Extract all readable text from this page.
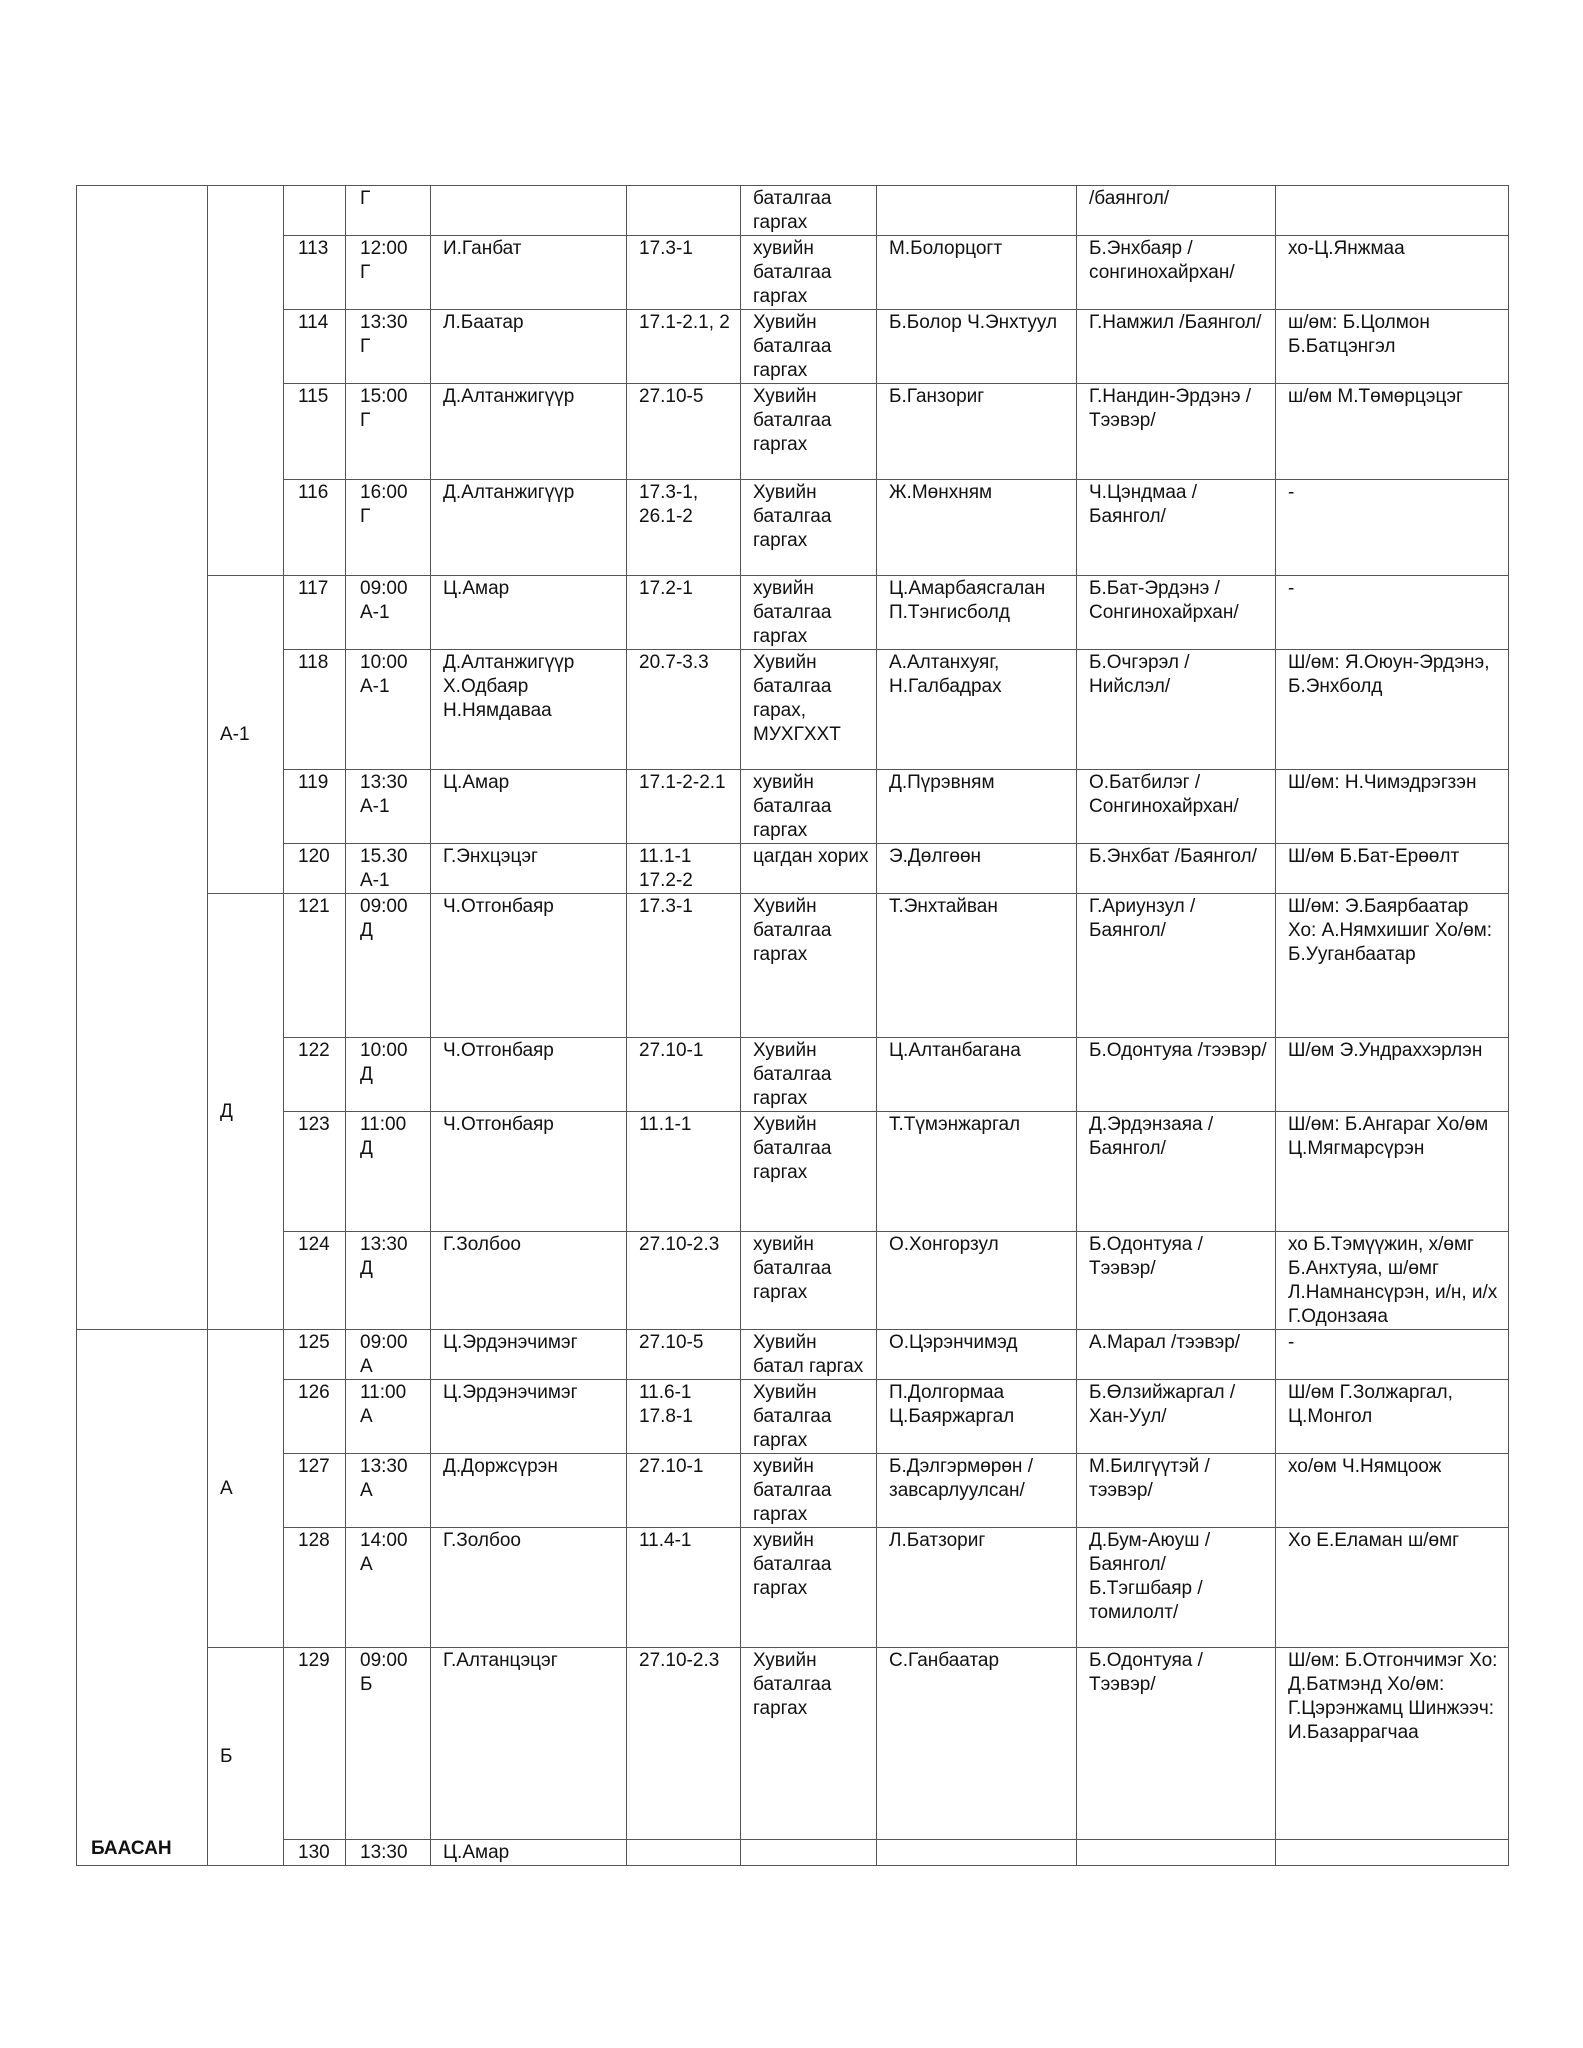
			Г			баталгаа гаргах		/баянгол/	
		113	12:00 Г	И.Ганбат	17.3-1	хувийн баталгаа гаргах	М.Болорцогт	Б.Энхбаяр /сонгинохайрхан/	хо-Ц.Янжмаа
		114	13:30 Г	Л.Баатар	17.1-2.1, 2	Хувийн баталгаа гаргах	Б.Болор Ч.Энхтуул	Г.Намжил /Баянгол/	ш/өм: Б.Цолмон Б.Батцэнгэл
		115	15:00 Г	Д.Алтанжигүүр	27.10-5	Хувийн баталгаа гаргах	Б.Ганзориг	Г.Нандин-Эрдэнэ /Тээвэр/	ш/өм М.Төмөрцэцэг
		116	16:00 Г	Д.Алтанжигүүр	17.3-1, 26.1-2	Хувийн баталгаа гаргах	Ж.Мөнхням	Ч.Цэндмаа /Баянгол/	-
	А-1	117	09:00 А-1	Ц.Амар	17.2-1	хувийн баталгаа гаргах	Ц.Амарбаясгалан П.Тэнгисболд	Б.Бат-Эрдэнэ /Сонгинохайрхан/	-
		118	10:00 А-1	Д.Алтанжигүүр Х.Одбаяр Н.Нямдаваа	20.7-3.3	Хувийн баталгаа гарах, МУХГХХТ	А.Алтанхуяг, Н.Галбадрах	Б.Очгэрэл /Нийслэл/	Ш/өм: Я.Оюун-Эрдэнэ, Б.Энхболд
		119	13:30 А-1	Ц.Амар	17.1-2-2.1	хувийн баталгаа гаргах	Д.Пүрэвням	О.Батбилэг /Сонгинохайрхан/	Ш/өм: Н.Чимэдрэгзэн
		120	15.30 А-1	Г.Энхцэцэг	11.1-1 17.2-2	цагдан хорих	Э.Дөлгөөн	Б.Энхбат /Баянгол/	Ш/өм Б.Бат-Ерөөлт
	Д	121	09:00 Д	Ч.Отгонбаяр	17.3-1	Хувийн баталгаа гаргах	Т.Энхтайван	Г.Ариунзул /Баянгол/	Ш/өм: Э.Баярбаатар Хо: А.Нямхишиг Хо/өм: Б.Ууганбаатар
		122	10:00 Д	Ч.Отгонбаяр	27.10-1	Хувийн баталгаа гаргах	Ц.Алтанбагана	Б.Одонтуяа /тээвэр/	Ш/өм Э.Ундраххэрлэн
		123	11:00 Д	Ч.Отгонбаяр	11.1-1	Хувийн баталгаа гаргах	Т.Түмэнжаргал	Д.Эрдэнзаяа /Баянгол/	Ш/өм: Б.Ангараг Хо/өм Ц.Мягмарсүрэн
		124	13:30 Д	Г.Золбоо	27.10-2.3	хувийн баталгаа гаргах	О.Хонгорзул	Б.Одонтуяа /Тээвэр/	хо Б.Тэмүүжин, х/өмг Б.Анхтуяа, ш/өмг Л.Намнансүрэн, и/н, и/х Г.Одонзаяа
БААСАН	А	125	09:00 А	Ц.Эрдэнэчимэг	27.10-5	Хувийн батал гаргах	О.Цэрэнчимэд	А.Марал /тээвэр/	-
		126	11:00 А	Ц.Эрдэнэчимэг	11.6-1 17.8-1	Хувийн баталгаа гаргах	П.Долгормаа Ц.Баяржаргал	Б.Өлзийжаргал /Хан-Уул/	Ш/өм Г.Золжаргал, Ц.Монгол
		127	13:30 А	Д.Доржсүрэн	27.10-1	хувийн баталгаа гаргах	Б.Дэлгэрмөрөн /завсарлуулсан/	М.Билгүүтэй /тээвэр/	хо/өм Ч.Нямцоож
		128	14:00 А	Г.Золбоо	11.4-1	хувийн баталгаа гаргах	Л.Батзориг	Д.Бум-Аюуш /Баянгол/ Б.Тэгшбаяр /томилолт/	Хо Е.Еламан ш/өмг
	Б	129	09:00 Б	Г.Алтанцэцэг	27.10-2.3	Хувийн баталгаа гаргах	С.Ганбаатар	Б.Одонтуяа /Тээвэр/	Ш/өм: Б.Отгончимэг Хо: Д.Батмэнд Хо/өм: Г.Цэрэнжамц Шинжээч: И.Базаррагчаа
		130	13:30	Ц.Амар					
